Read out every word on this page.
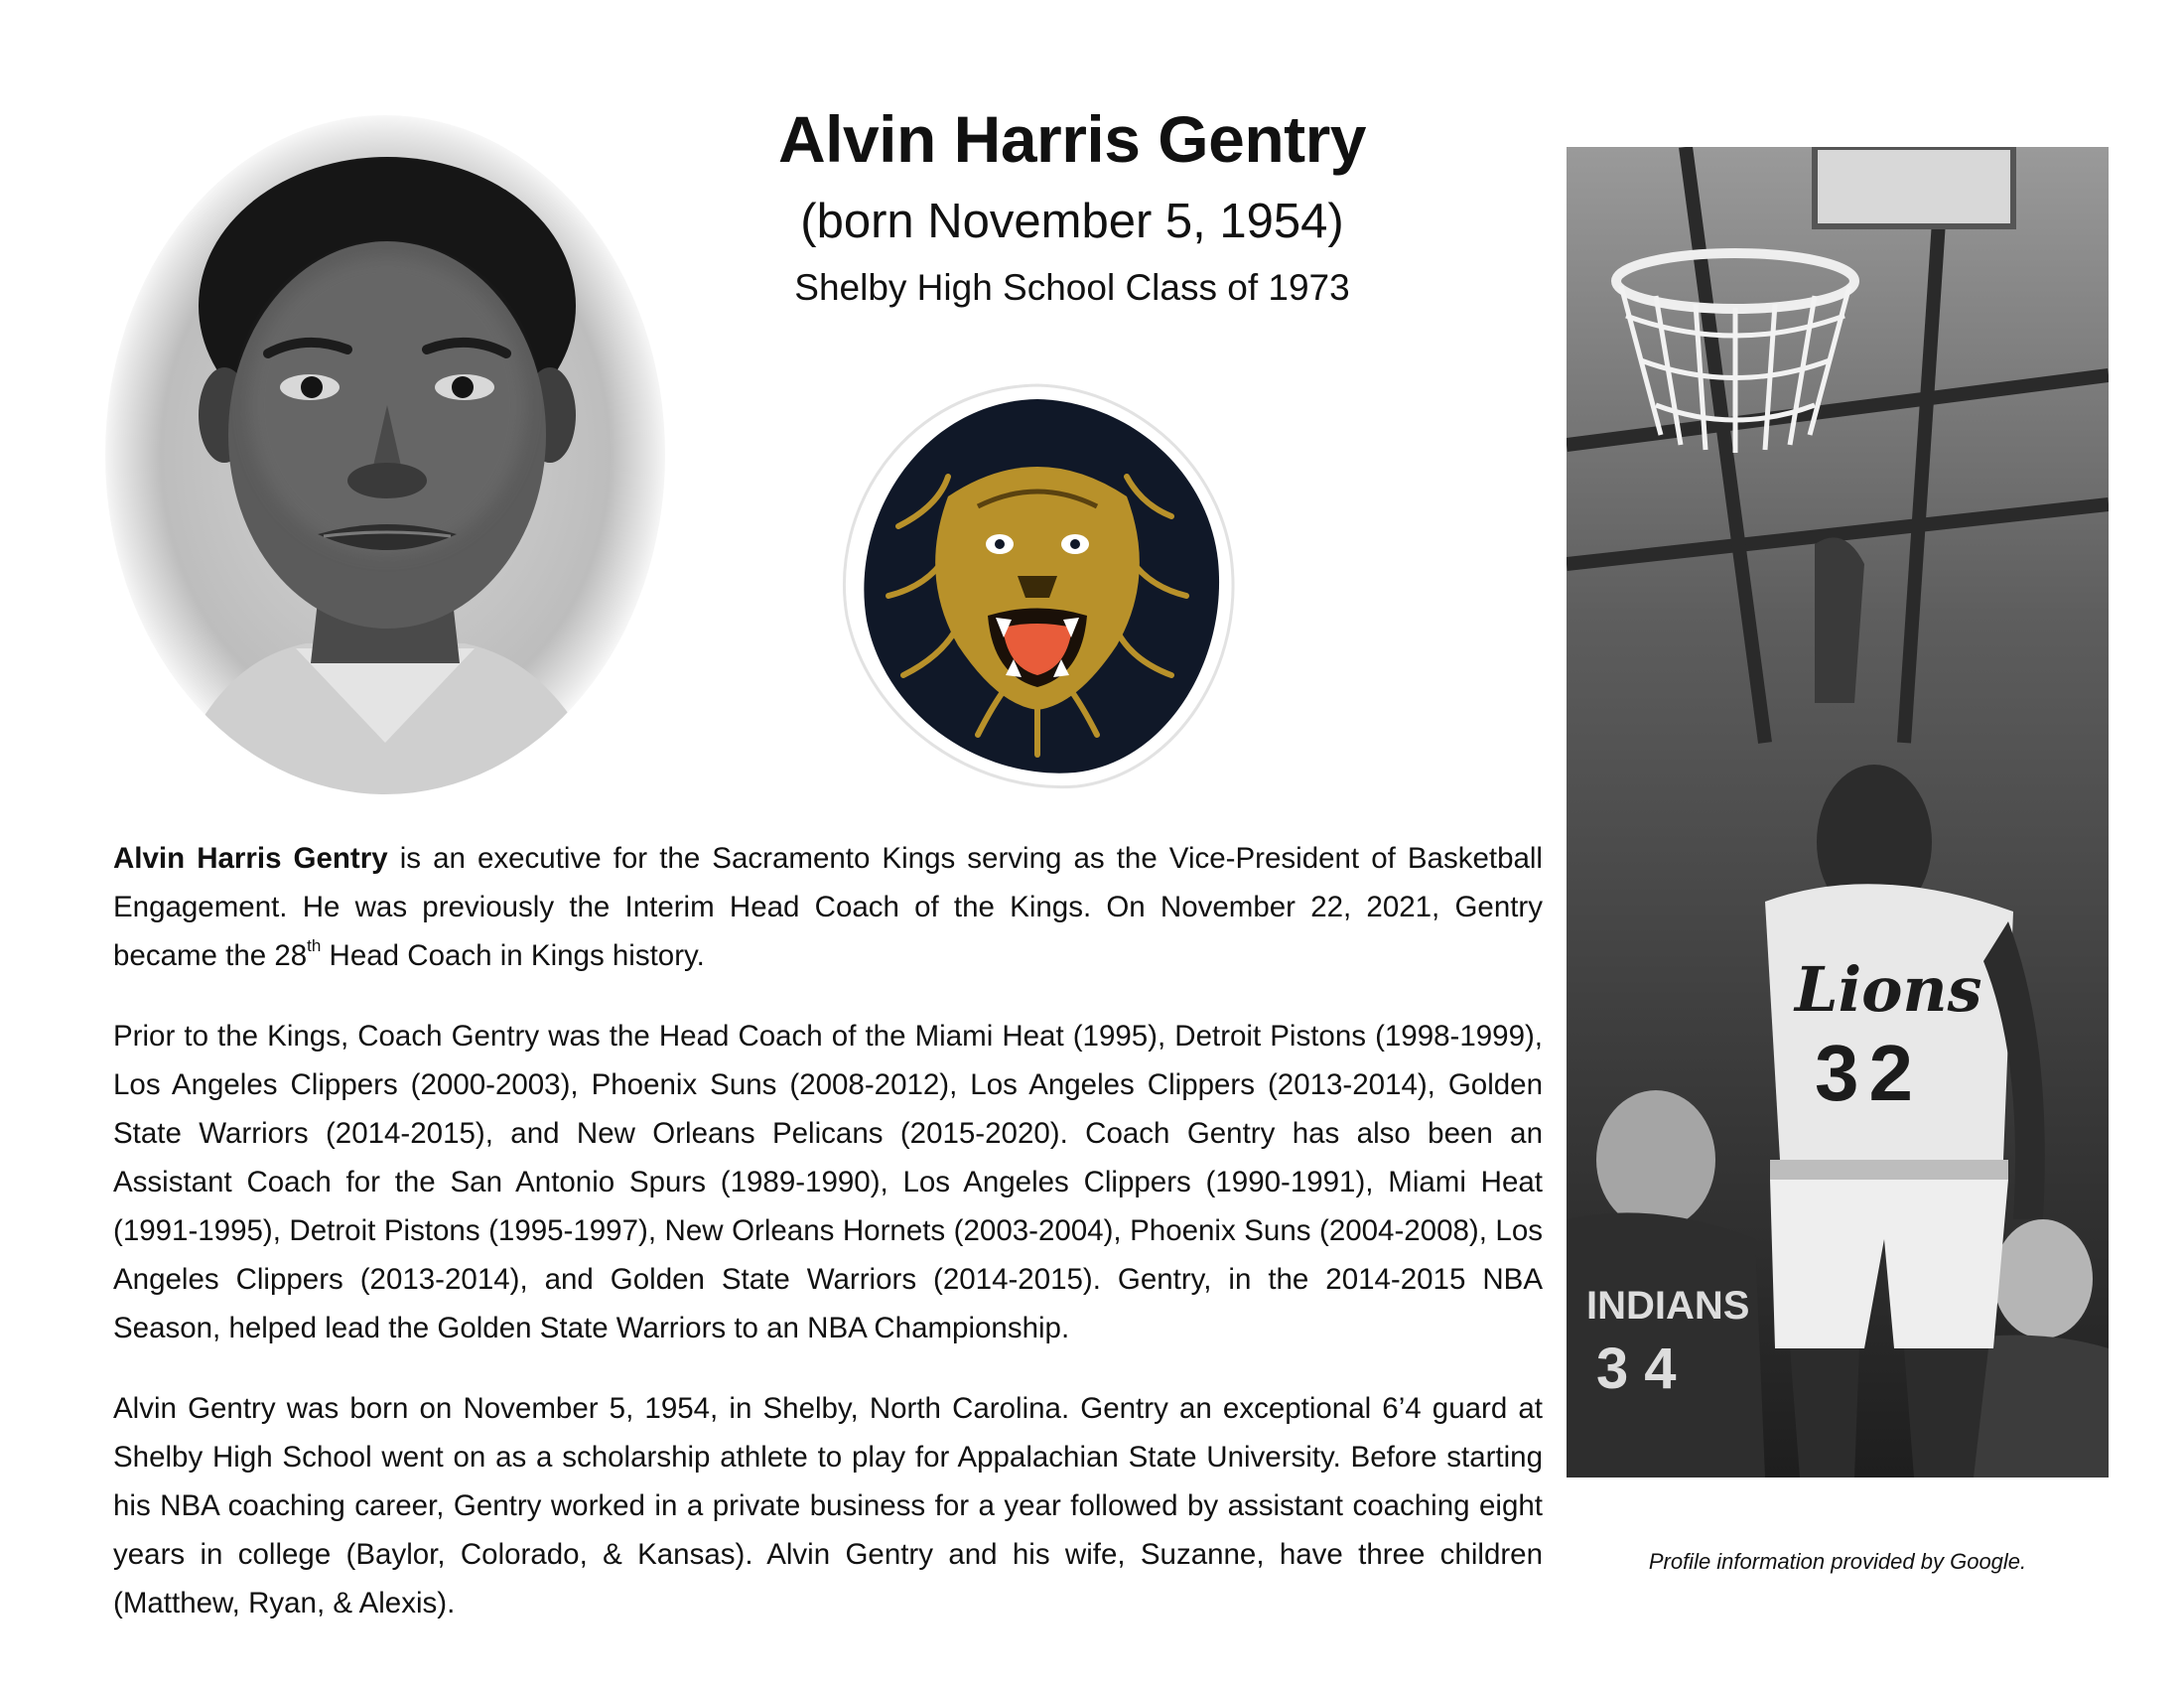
Alvin Harris Gentry
(born November 5, 1954)
Shelby High School Class of 1973
INDIANS
34
Lions
32

Alvin Harris Gentry is an executive for the Sacramento Kings serving as the Vice-President of Basketball Engagement. He was previously the Interim Head Coach of the Kings. On November 22, 2021, Gentry became the 28th Head Coach in Kings history.

Prior to the Kings, Coach Gentry was the Head Coach of the Miami Heat (1995), Detroit Pistons (1998-1999), Los Angeles Clippers (2000-2003), Phoenix Suns (2008-2012), Los Angeles Clippers (2013-2014), Golden State Warriors (2014-2015), and New Orleans Pelicans (2015-2020). Coach Gentry has also been an Assistant Coach for the San Antonio Spurs (1989-1990), Los Angeles Clippers (1990-1991), Miami Heat (1991-1995), Detroit Pistons (1995-1997), New Orleans Hornets (2003-2004), Phoenix Suns (2004-2008), Los Angeles Clippers (2013-2014), and Golden State Warriors (2014-2015). Gentry, in the 2014-2015 NBA Season, helped lead the Golden State Warriors to an NBA Championship.

Alvin Gentry was born on November 5, 1954, in Shelby, North Carolina. Gentry an exceptional 6’4 guard at Shelby High School went on as a scholarship athlete to play for Appalachian State University. Before starting his NBA coaching career, Gentry worked in a private business for a year followed by assistant coaching eight years in college (Baylor, Colorado, & Kansas). Alvin Gentry and his wife, Suzanne, have three children (Matthew, Ryan, & Alexis).

Profile information provided by Google.
